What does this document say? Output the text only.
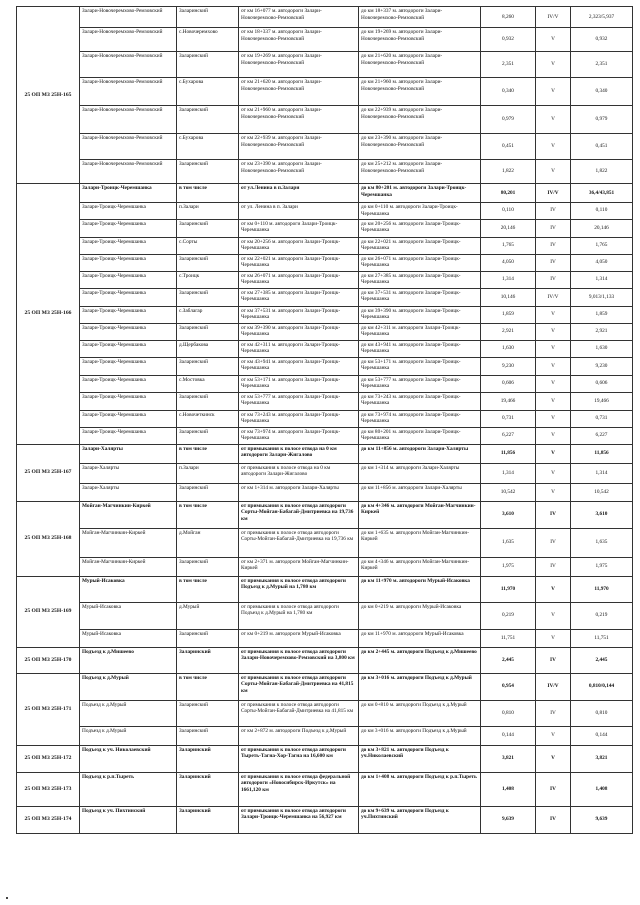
25 ОП МЗ 25Н-165	Залари-Новочеремхово-Ремзовский	Заларинский	от км 16+077 м. автодороги Залари-Новочеремхово-Ремзовский	до км 18+337 м. автодороги Залари-Новочеремхово-Ремзовский	8,260	IV/V	2,323/5,937
	Залари-Новочеремхово-Ремзовский	с.Новочеремхово	от км 18+337 м. автодороги Залари-Новочеремхово-Ремзовский	до км 19+269 м. автодороги Залари-Новочеремхово-Ремзовский	0,932	V	0,932
	Залари-Новочеремхово-Ремзовский	Заларинский	от км 19+269 м. автодороги Залари-Новочеремхово-Ремзовский	до км 21+620 м. автодороги Залари-Новочеремхово-Ремзовский	2,351	V	2,351
	Залари-Новочеремхово-Ремзовский	с.Бухарова	от км 21+620 м. автодороги Залари-Новочеремхово-Ремзовский	до км 21+960 м. автодороги Залари-Новочеремхово-Ремзовский	0,340	V	0,340
	Залари-Новочеремхово-Ремзовский	Заларинский	от км 21+960 м. автодороги Залари-Новочеремхово-Ремзовский	до км 22+939 м. автодороги Залари-Новочеремхово-Ремзовский	0,979	V	0,979
	Залари-Новочеремхово-Ремзовский	с.Бухарова	от км 22+939 м. автодороги Залари-Новочеремхово-Ремзовский	до км 23+390 м. автодороги Залари-Новочеремхово-Ремзовский	0,451	V	0,451
	Залари-Новочеремхово-Ремзовский	Заларинский	от км 23+390 м. автодороги Залари-Новочеремхово-Ремзовский	до км 25+212 м. автодороги Залари-Новочеремхово-Ремзовский	1,822	V	1,822
25 ОП МЗ 25Н-166	Залари-Троицк-Черемшанка	в том числе	от ул.Ленина в п.Залари	до км 80+201 м. автодороги Залари-Троицк-Черемшанка	80,201	IV/V	36,4/43,851
	Залари-Троицк-Черемшанка	п.Залари	от ул. Ленина в п. Залари	до км 0+110 м. автодороги Залари-Троицк-Черемшанка	0,110	IV	0,110
	Залари-Троицк-Черемшанка	Заларинский	от км 0+110 м. автодороги Залари-Троицк-Черемшанка	до км 20+256 м. автодороги Залари-Троицк-Черемшанка	20,146	IV	20,146
	Залари-Троицк-Черемшанка	с.Сорты	от км 20+256 м. автодороги Залари-Троицк-Черемшанка	до км 22+021 м. автодороги Залари-Троицк-Черемшанка	1,765	IV	1,765
	Залари-Троицк-Черемшанка	Заларинский	от км 22+021 м. автодороги Залари-Троицк-Черемшанка	до км 26+071 м. автодороги Залари-Троицк-Черемшанка	4,050	IV	4,050
	Залари-Троицк-Черемшанка	с.Троицк	от км 26+071 м. автодороги Залари-Троицк-Черемшанка	до км 27+385 м. автодороги Залари-Троицк-Черемшанка	1,314	IV	1,314
	Залари-Троицк-Черемшанка	Заларинский	от км 27+385 м. автодороги Залари-Троицк-Черемшанка	до км 37+531 м. автодороги Залари-Троицк-Черемшанка	10,146	IV/V	9,013/1,133
	Залари-Троицк-Черемшанка	с.Заблагар	от км 37+531 м. автодороги Залари-Троицк-Черемшанка	до км 39+390 м. автодороги Залари-Троицк-Черемшанка	1,859	V	1,859
	Залари-Троицк-Черемшанка	Заларинский	от км 39+390 м. автодороги Залари-Троицк-Черемшанка	до км 42+311 м. автодороги Залари-Троицк-Черемшанка	2,921	V	2,921
	Залари-Троицк-Черемшанка	д.Щербакова	от км 42+311 м. автодороги Залари-Троицк-Черемшанка	до км 43+941 м. автодороги Залари-Троицк-Черемшанка	1,630	V	1,630
	Залари-Троицк-Черемшанка	Заларинский	от км 43+941 м. автодороги Залари-Троицк-Черемшанка	до км 53+171 м. автодороги Залари-Троицк-Черемшанка	9,230	V	9,230
	Залари-Троицк-Черемшанка	с.Мостовка	от км 53+171 м. автодороги Залари-Троицк-Черемшанка	до км 53+777 м. автодороги Залари-Троицк-Черемшанка	0,606	V	0,606
	Залари-Троицк-Черемшанка	Заларинский	от км 53+777 м. автодороги Залари-Троицк-Черемшанка	до км 73+243 м. автодороги Залари-Троицк-Черемшанка	19,466	V	19,466
	Залари-Троицк-Черемшанка	с.Новочеткинск	от км 73+243 м. автодороги Залари-Троицк-Черемшанка	до км 73+974 м. автодороги Залари-Троицк-Черемшанка	0,731	V	0,731
	Залари-Троицк-Черемшанка	Заларинский	от км 73+974 м. автодороги Залари-Троицк-Черемшанка	до км 80+201 м. автодороги Залари-Троицк-Черемшанка	6,227	V	6,227
25 ОП МЗ 25Н-167	Залари-Халярты	в том числе	от примыкания к полосе отвода на 0 км автодороги Залари-Жигалово	до км 11+856 м. автодороги Залари-Халярты	11,856	V	11,856
	Залари-Халярты	п.Залари	от примыкания к полосе отвода на 0 км автодороги Залари-Жигалово	до км 1+314 м. автодороги Залари-Халярты	1,314	V	1,314
	Залари-Халярты	Заларинский	от км 1+314 м. автодороги Залари-Халярты	до км 11+856 м. автодороги Залари-Халярты	10,542	V	10,542
25 ОП МЗ 25Н-168	Мойган-Магчинкин-Киркей	в том числе	от примыкания к полосе отвода автодороги Сорты-Мойган-Бабагай-Дмитриевка на 19,736 км	до км 4+346 м. автодороги Мойган-Магчинкин-Киркей	3,610	IV	3,610
	Мойган-Магчинкин-Киркей	д.Мойган	от примыкания к полосе отвода автодороги Сорты-Мойган-Бабагай-Дмитриевка на 19,736 км	до км 1+635 м. автодороги Мойган-Магчинкин-Киркей	1,635	IV	1,635
	Мойган-Магчинкин-Киркей	Заларинский	от км 2+371 м. автодороги Мойган-Магчинкин-Киркей	до км 4+346 м. автодороги Мойган-Магчинкин-Киркей	1,975	IV	1,975
25 ОП МЗ 25Н-169	Мурый-Исаковка	в том числе	от примыкания к полосе отвода автодороги Подъезд к д.Мурый на 1,780 км	до км 11+970 м. автодороги Мурый-Исаковка	11,970	V	11,970
	Мурый-Исаковка	д.Мурый	от примыкания к полосе отвода автодороги Подъезд к д.Мурый на 1,780 км	до км 0+219 м. автодороги Мурый-Исаковка	0,219	V	0,219
	Мурый-Исаковка	Заларинский	от км 0+219 м. автодороги Мурый-Исаковка	до км 11+970 м. автодороги Мурый-Исаковка	11,751	V	11,751
25 ОП МЗ 25Н-170	Подъезд к д.Мишеево	Заларинский	от примыкания к полосе отвода автодороги Залари-Новочеремхово-Ремзовский на 3,800 км	до км 2+445 м. автодороги Подъезд к д.Мишеево	2,445	IV	2,445
25 ОП МЗ 25Н-171	Подъезд к д.Мурый	в том числе	от примыкания к полосе отвода автодороги Сорты-Мойган-Бабагай-Дмитриевка на 41,815 км	до км 3+016 м. автодороги Подъезд к д.Мурый	0,954	IV/V	0,810/0,144
	Подъезд к д.Мурый	Заларинский	от примыкания к полосе отвода автодороги Сорты-Мойган-Бабагай-Дмитриевка на 41,815 км	до км 0+810 м. автодороги Подъезд к д.Мурый	0,810	IV	0,810
	Подъезд к д.Мурый	Заларинский	от км 2+872 м. автодороги Подъезд к д.Мурый	до км 3+016 м. автодороги Подъезд к д.Мурый	0,144	V	0,144
25 ОП МЗ 25Н-172	Подъезд к уч. Николаевский	Заларинский	от примыкания к полосе отвода автодороги Тыреть-Тагна-Хор-Тагна на 16,600 км	до км 3+821 м. автодороги Подъезд к уч.Николаевский	3,821	V	3,821
25 ОП МЗ 25Н-173	Подъезд к р.п.Тыреть	Заларинский	от примыкания к полосе отвода федеральной автодороги «Новосибирск-Иркутск» на 1661,120 км	до км 1+408 м. автодороги Подъезд к р.п.Тыреть	1,408	IV	1,408
25 ОП МЗ 25Н-174	Подъезд к уч. Пихтинский	Заларинский	от примыкания к полосе отвода автодороги Залари-Троицк-Черемшанка на 56,927 км	до км 9+639 м. автодороги Подъезд к уч.Пихтинский	9,639	IV	9,639
